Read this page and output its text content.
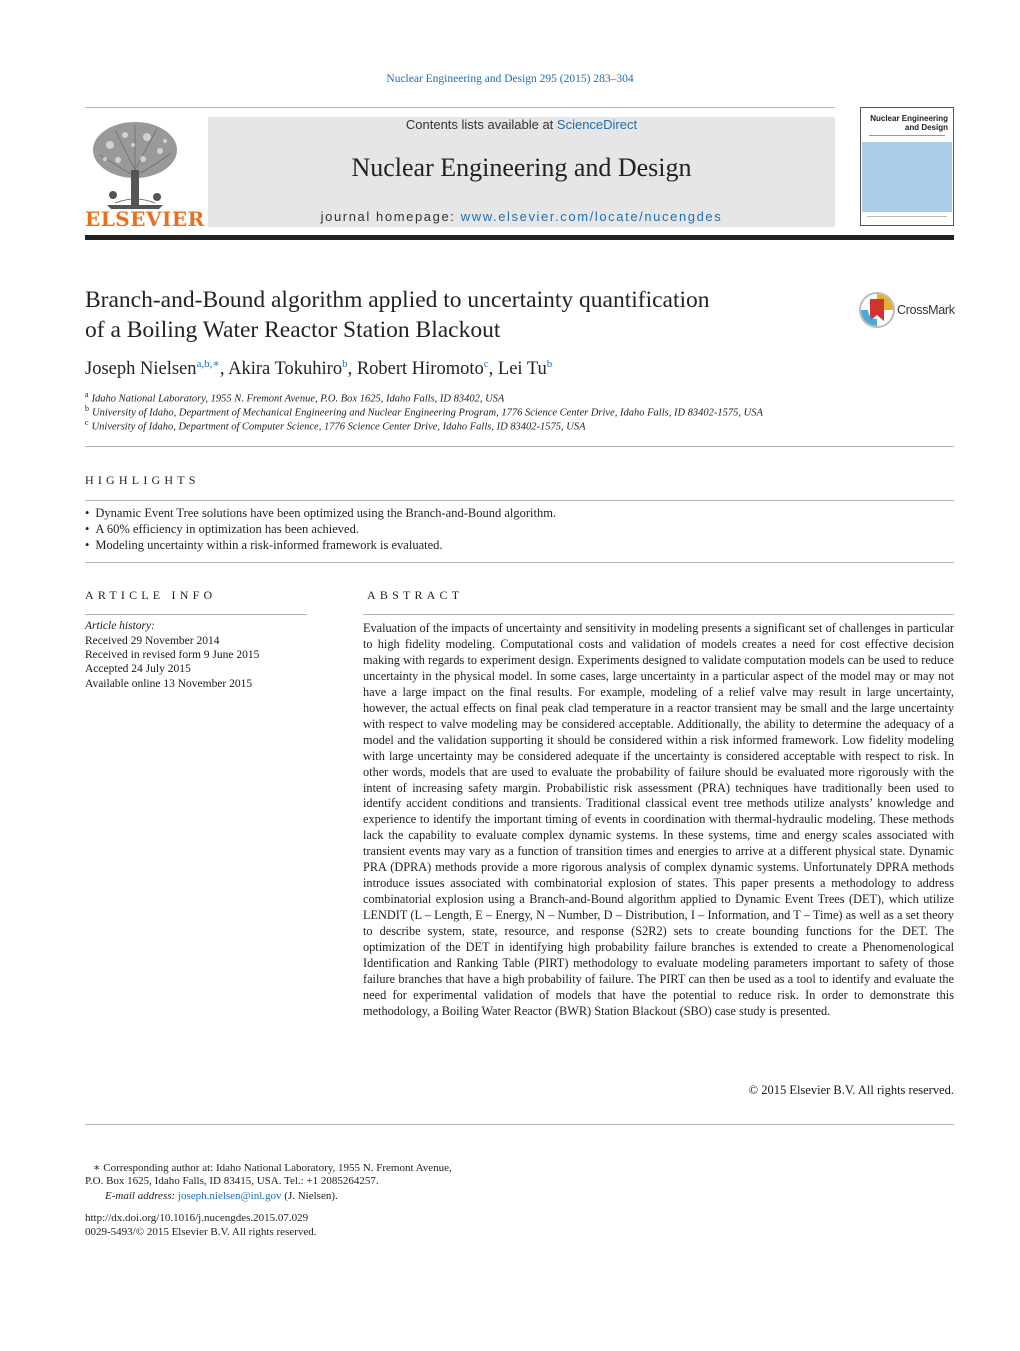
Nuclear Engineering and Design 295 (2015) 283–304
ELSEVIER
Contents lists available at ScienceDirect
Nuclear Engineering and Design
journal homepage: www.elsevier.com/locate/nucengdes
Nuclear Engineering
and Design
Branch-and-Bound algorithm applied to uncertainty quantification
of a Boiling Water Reactor Station Blackout
CrossMark
Joseph Nielsen$^{a,b,∗}$, Akira Tokuhiro$^b$, Robert Hiromoto$^c$, Lei Tu$^b$
$^a$ Idaho National Laboratory, 1955 N. Fremont Avenue, P.O. Box 1625, Idaho Falls, ID 83402, USA
$^b$ University of Idaho, Department of Mechanical Engineering and Nuclear Engineering Program, 1776 Science Center Drive, Idaho Falls, ID 83402-1575, USA
$^c$ University of Idaho, Department of Computer Science, 1776 Science Center Drive, Idaho Falls, ID 83402-1575, USA
HIGHLIGHTS
• Dynamic Event Tree solutions have been optimized using the Branch-and-Bound algorithm.
• A 60% efficiency in optimization has been achieved.
• Modeling uncertainty within a risk-informed framework is evaluated.
ARTICLE INFO
Article history:
Received 29 November 2014
Received in revised form 9 June 2015
Accepted 24 July 2015
Available online 13 November 2015
ABSTRACT
Evaluation of the impacts of uncertainty and sensitivity in modeling presents a significant set of challenges in particular to high fidelity modeling. Computational costs and validation of models creates a need for cost effective decision making with regards to experiment design. Experiments designed to validate computation models can be used to reduce uncertainty in the physical model. In some cases, large uncertainty in a particular aspect of the model may or may not have a large impact on the final results. For example, modeling of a relief valve may result in large uncertainty, however, the actual effects on final peak clad temperature in a reactor transient may be small and the large uncertainty with respect to valve modeling may be considered acceptable. Additionally, the ability to determine the adequacy of a model and the validation supporting it should be considered within a risk informed framework. Low fidelity modeling with large uncertainty may be considered adequate if the uncertainty is considered acceptable with respect to risk. In other words, models that are used to evaluate the probability of failure should be evaluated more rigorously with the intent of increasing safety margin. Probabilistic risk assessment (PRA) techniques have traditionally been used to identify accident conditions and transients. Traditional classical event tree methods utilize analysts’ knowledge and experience to identify the important timing of events in coordination with thermal-hydraulic modeling. These methods lack the capability to evaluate complex dynamic systems. In these systems, time and energy scales associated with transient events may vary as a function of transition times and energies to arrive at a different physical state. Dynamic PRA (DPRA) methods provide a more rigorous analysis of complex dynamic systems. Unfortunately DPRA methods introduce issues associated with combinatorial explosion of states. This paper presents a methodology to address combinatorial explosion using a Branch-and-Bound algorithm applied to Dynamic Event Trees (DET), which utilize LENDIT (L – Length, E – Energy, N – Number, D – Distribution, I – Information, and T – Time) as well as a set theory to describe system, state, resource, and response (S2R2) sets to create bounding functions for the DET. The optimization of the DET in identifying high probability failure branches is extended to create a Phenomenological Identification and Ranking Table (PIRT) methodology to evaluate modeling parameters important to safety of those failure branches that have a high probability of failure. The PIRT can then be used as a tool to identify and evaluate the need for experimental validation of models that have the potential to reduce risk. In order to demonstrate this methodology, a Boiling Water Reactor (BWR) Station Blackout (SBO) case study is presented.
© 2015 Elsevier B.V. All rights reserved.
∗ Corresponding author at: Idaho National Laboratory, 1955 N. Fremont Avenue,
P.O. Box 1625, Idaho Falls, ID 83415, USA. Tel.: +1 2085264257.
E-mail address: joseph.nielsen@inl.gov (J. Nielsen).
http://dx.doi.org/10.1016/j.nucengdes.2015.07.029
0029-5493/© 2015 Elsevier B.V. All rights reserved.
